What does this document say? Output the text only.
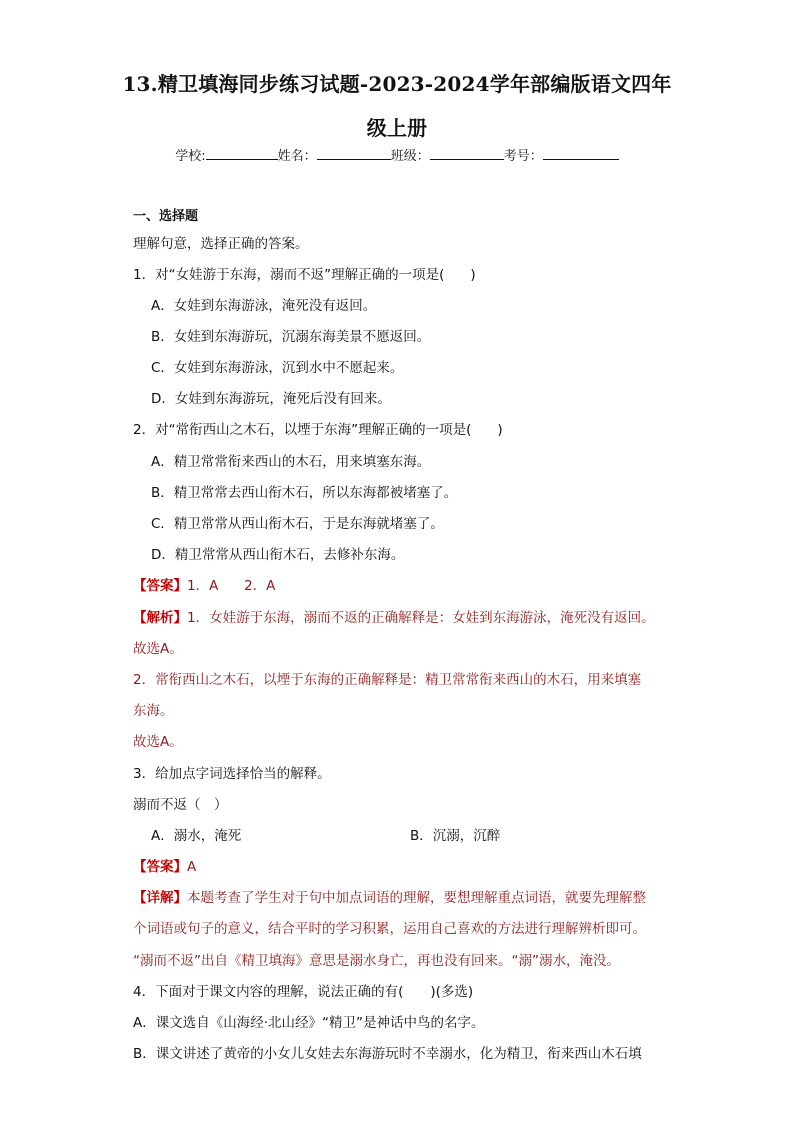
13.精卫填海同步练习试题-2023-2024学年部编版语文四年
级上册
学校:	姓名：	班级：	考号：
一、选择题
理解句意，选择正确的答案。
1．对“女娃游于东海，溺而不返”理解正确的一项是( )
A．女娃到东海游泳，淹死没有返回。
B．女娃到东海游玩，沉溺东海美景不愿返回。
C．女娃到东海游泳，沉到水中不愿起来。
D．女娃到东海游玩，淹死后没有回来。
2．对“常衔西山之木石，以堙于东海”理解正确的一项是( )
A．精卫常常衔来西山的木石，用来填塞东海。
B．精卫常常去西山衔木石，所以东海都被堵塞了。
C．精卫常常从西山衔木石，于是东海就堵塞了。
D．精卫常常从西山衔木石，去修补东海。
【答案】1．A      2．A
【解析】1．女娃游于东海，溺而不返的正确解释是：女娃到东海游泳，淹死没有返回。
故选A。
2．常衔西山之木石，以堙于东海的正确解释是：精卫常常衔来西山的木石，用来填塞
东海。
故选A。
3．给加点字词选择恰当的解释。
溺而不返（　）
A．溺水，淹死	B．沉溺，沉醉
【答案】A
【详解】本题考查了学生对于句中加点词语的理解，要想理解重点词语，就要先理解整
个词语或句子的意义，结合平时的学习积累，运用自己喜欢的方法进行理解辨析即可。
“溺而不返”出自《精卫填海》意思是溺水身亡，再也没有回来。“溺”溺水，淹没。
4．下面对于课文内容的理解，说法正确的有(　　)(多选)
A．课文选自《山海经·北山经》“精卫”是神话中鸟的名字。
B．课文讲述了黄帝的小女儿女娃去东海游玩时不幸溺水，化为精卫，衔来西山木石填
